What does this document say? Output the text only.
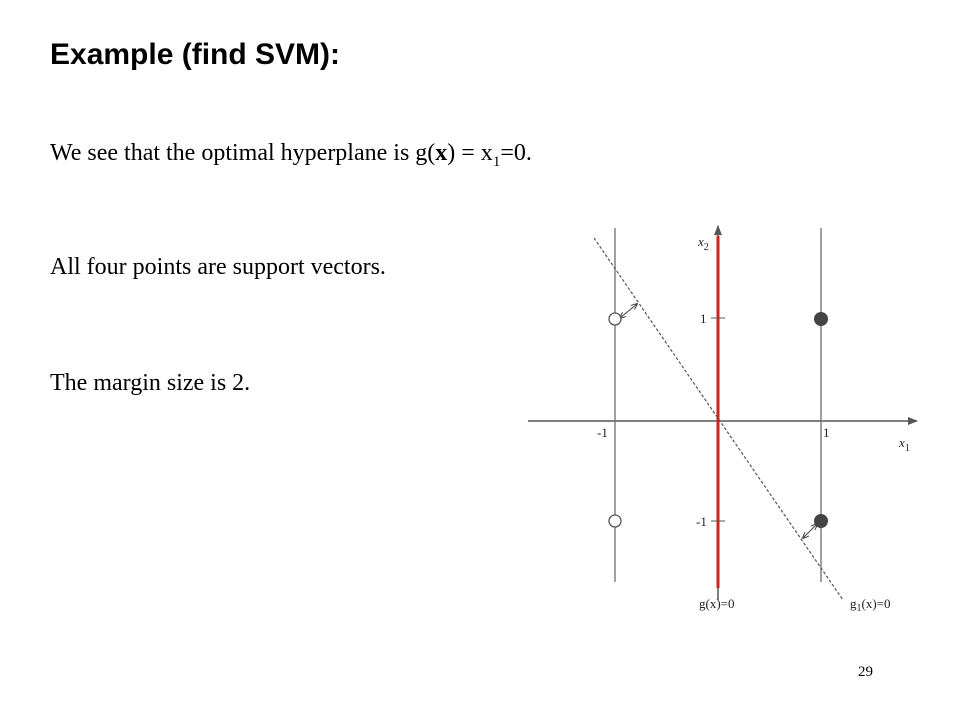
Example (find SVM):
We see that the optimal hyperplane is $g(x) = x_1=0$.
All four points are support vectors.
The margin size is 2.
$x_2$
$x_1$
-1	1
1
-1
g(x)=0	$g_1(x)=0$
29
